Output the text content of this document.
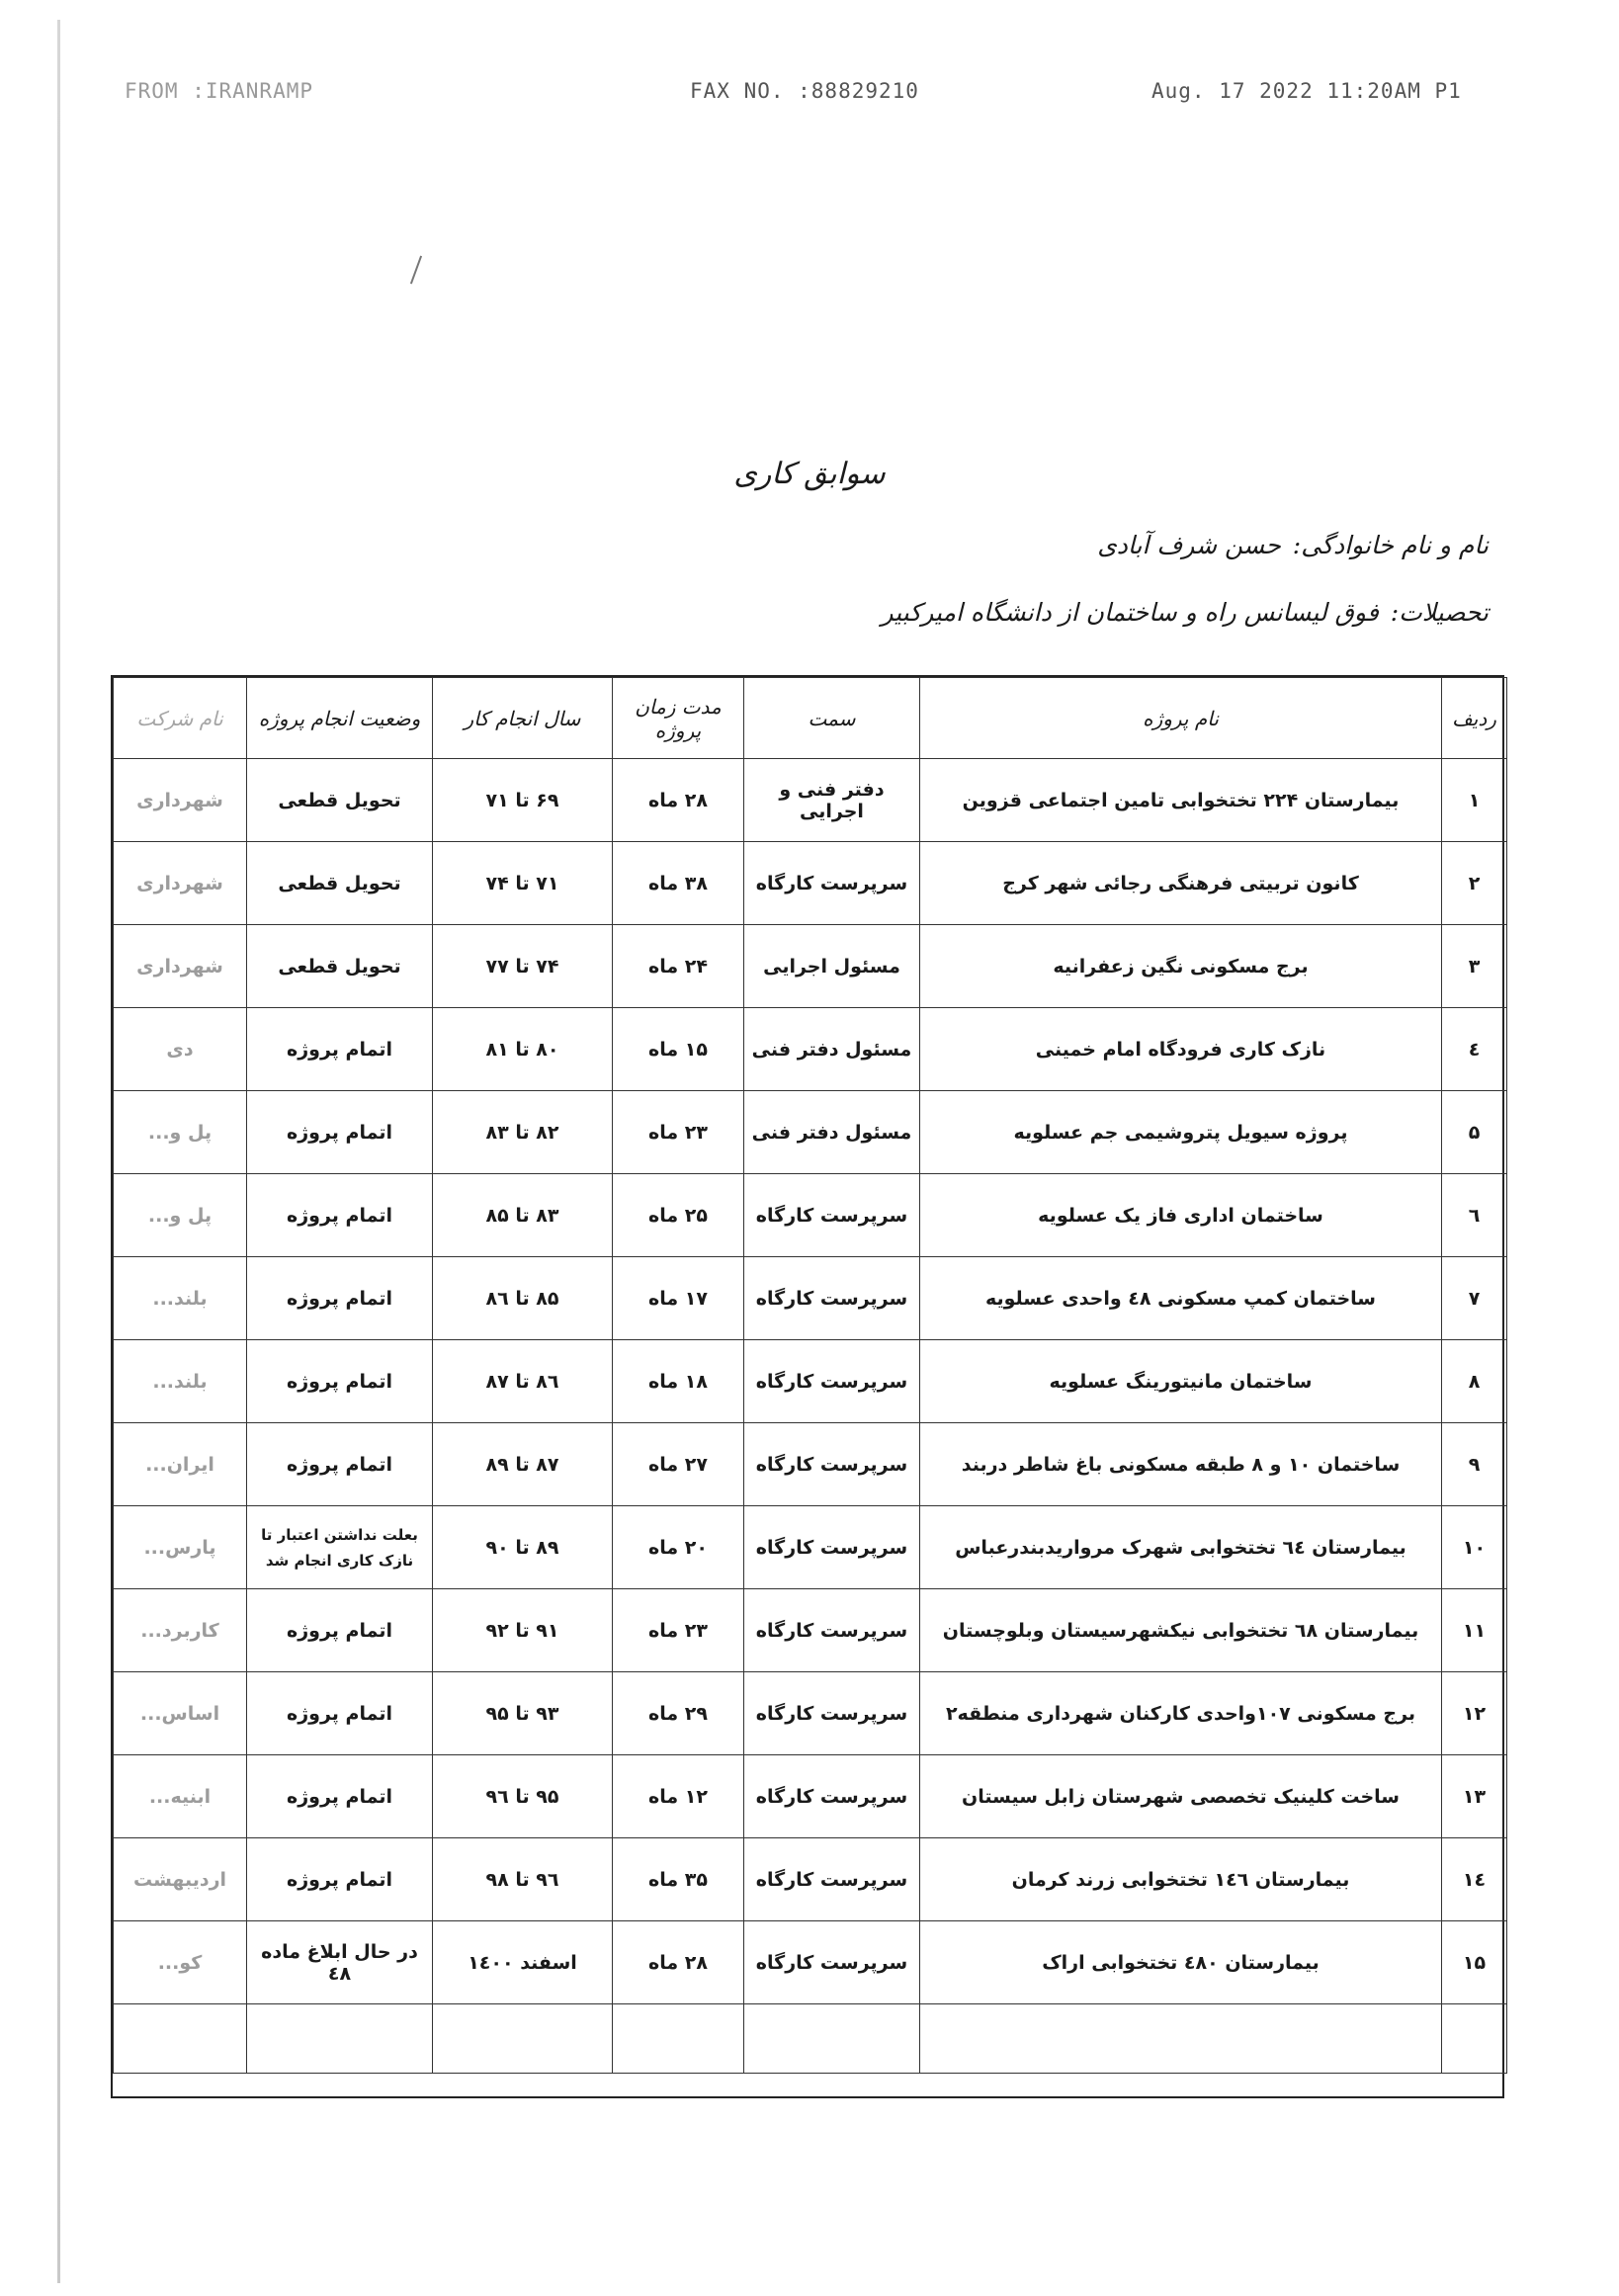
FROM :IRANRAMP	FAX NO. :88829210	Aug. 17 2022 11:20AM P1
سوابق کاری
نام و نام خانوادگی:حسن شرف آبادی
تحصیلات:فوق لیسانس راه و ساختمان از دانشگاه امیرکبیر
ردیف	نام پروژه	سمت	مدت زمان پروژه	سال انجام کار	وضعیت انجام پروژه	نام شرکت
۱	بیمارستان ۲۲۴ تختخوابی تامین اجتماعی قزوین	دفتر فنی و اجرایی	۲۸ ماه	۶۹ تا ۷۱	تحویل قطعی	شهرداری
۲	کانون تربیتی فرهنگی رجائی شهر کرج	سرپرست کارگاه	۳۸ ماه	۷۱ تا ۷۴	تحویل قطعی	شهرداری
۳	برج مسکونی نگین زعفرانیه	مسئول اجرایی	۲۴ ماه	۷۴ تا ۷۷	تحویل قطعی	شهرداری
٤	نازک کاری فرودگاه امام خمینی	مسئول دفتر فنی	۱۵ ماه	۸۰ تا ۸۱	اتمام پروژه	دی
۵	پروژه سیویل پتروشیمی جم عسلویه	مسئول دفتر فنی	۲۳ ماه	۸۲ تا ۸۳	اتمام پروژه	پل و...
٦	ساختمان اداری فاز یک عسلویه	سرپرست کارگاه	۲۵ ماه	۸۳ تا ۸۵	اتمام پروژه	پل و...
۷	ساختمان کمپ مسکونی ٤۸ واحدی عسلویه	سرپرست کارگاه	۱۷ ماه	۸۵ تا ۸٦	اتمام پروژه	بلند...
۸	ساختمان مانیتورینگ عسلویه	سرپرست کارگاه	۱۸ ماه	۸٦ تا ۸۷	اتمام پروژه	بلند...
۹	ساختمان ۱۰ و ۸ طبقه مسکونی باغ شاطر دربند	سرپرست کارگاه	۲۷ ماه	۸۷ تا ۸۹	اتمام پروژه	ایران...
۱۰	بیمارستان ٦٤ تختخوابی شهرک مرواریدبندرعباس	سرپرست کارگاه	۲۰ ماه	۸۹ تا ۹۰	بعلت نداشتن اعتبار تا نازک کاری انجام شد	پارس...
۱۱	بیمارستان ٦۸ تختخوابی نیکشهرسیستان وبلوچستان	سرپرست کارگاه	۲۳ ماه	۹۱ تا ۹۲	اتمام پروژه	کاربرد...
۱۲	برج مسکونی ۱۰۷واحدی کارکنان شهرداری منطقه۲	سرپرست کارگاه	۲۹ ماه	۹۳ تا ۹۵	اتمام پروژه	اساس...
۱۳	ساخت کلینیک تخصصی شهرستان زابل سیستان	سرپرست کارگاه	۱۲ ماه	۹۵ تا ۹٦	اتمام پروژه	ابنیه...
۱٤	بیمارستان ۱٤٦ تختخوابی زرند کرمان	سرپرست کارگاه	۳۵ ماه	۹٦ تا ۹۸	اتمام پروژه	اردیبهشت
۱۵	بیمارستان ٤۸۰ تختخوابی اراک	سرپرست کارگاه	۲۸ ماه	اسفند ۱٤۰۰	در حال ابلاغ ماده ٤۸	کو...
